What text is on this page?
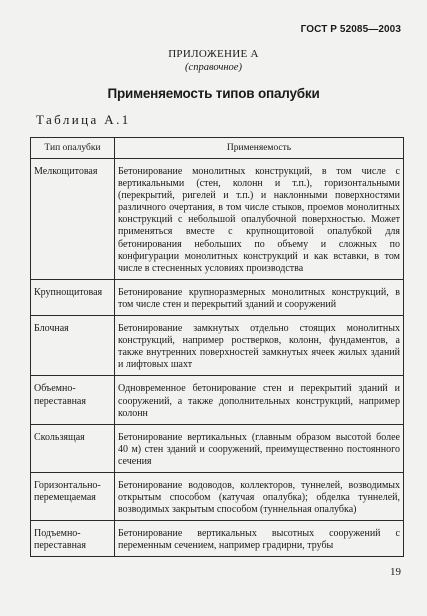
ГОСТ Р 52085—2003
ПРИЛОЖЕНИЕ А
(справочное)
Применяемость типов опалубки
Таблица А.1
Тип опалубки	Применяемость
Мелкощитовая	Бетонирование монолитных конструкций, в том числе с вертикальными (стен, колонн и т.п.), горизонтальными (перекрытий, ригелей и т.п.) и наклонными поверхностями различного очертания, в том числе стыков, проемов монолитных конструкций с небольшой опалубочной поверхностью. Может применяться вместе с крупнощитовой опалубкой для бетонирования небольших по объему и сложных по конфигурации монолитных конструкций и как вставки, в том числе в стесненных условиях производства
Крупнощитовая	Бетонирование крупноразмерных монолитных конструкций, в том числе стен и перекрытий зданий и сооружений
Блочная	Бетонирование замкнутых отдельно стоящих монолитных конструкций, например ростверков, колонн, фундаментов, а также внутренних поверхностей замкнутых ячеек жилых зданий и лифтовых шахт
Объемно-переставная	Одновременное бетонирование стен и перекрытий зданий и сооружений, а также дополнительных конструкций, например колонн
Скользящая	Бетонирование вертикальных (главным образом высотой более 40 м) стен зданий и сооружений, преимущественно постоянного сечения
Горизонтально-перемещаемая	Бетонирование водоводов, коллекторов, туннелей, возводимых открытым способом (катучая опалубка); обделка туннелей, возводимых закрытым способом (туннельная опалубка)
Подъемно-переставная	Бетонирование вертикальных высотных сооружений с переменным сечением, например градирни, трубы
19
